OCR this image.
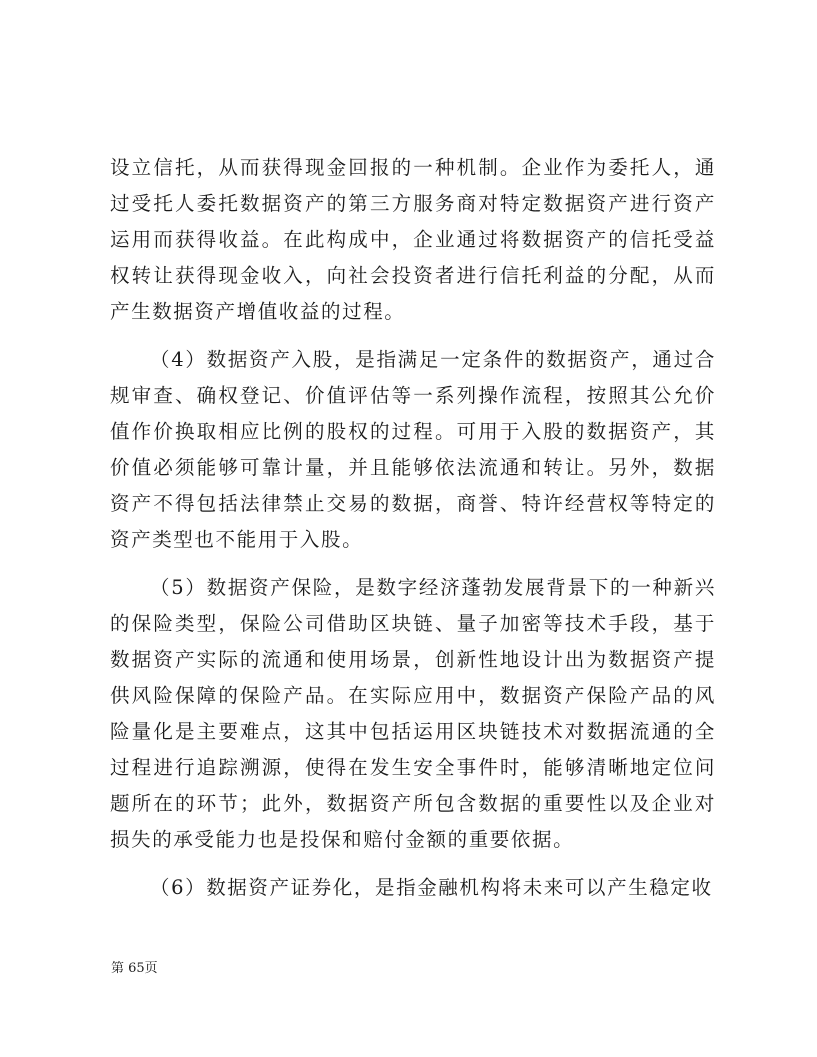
设立信托，从而获得现金回报的一种机制。企业作为委托人，通过受托人委托数据资产的第三方服务商对特定数据资产进行资产运用而获得收益。在此构成中，企业通过将数据资产的信托受益权转让获得现金收入，向社会投资者进行信托利益的分配，从而产生数据资产增值收益的过程。

（4）数据资产入股，是指满足一定条件的数据资产，通过合规审查、确权登记、价值评估等一系列操作流程，按照其公允价值作价换取相应比例的股权的过程。可用于入股的数据资产，其价值必须能够可靠计量，并且能够依法流通和转让。另外，数据资产不得包括法律禁止交易的数据，商誉、特许经营权等特定的资产类型也不能用于入股。

（5）数据资产保险，是数字经济蓬勃发展背景下的一种新兴的保险类型，保险公司借助区块链、量子加密等技术手段，基于数据资产实际的流通和使用场景，创新性地设计出为数据资产提供风险保障的保险产品。在实际应用中，数据资产保险产品的风险量化是主要难点，这其中包括运用区块链技术对数据流通的全过程进行追踪溯源，使得在发生安全事件时，能够清晰地定位问题所在的环节；此外，数据资产所包含数据的重要性以及企业对损失的承受能力也是投保和赔付金额的重要依据。

（6）数据资产证券化，是指金融机构将未来可以产生稳定收

第 65页
